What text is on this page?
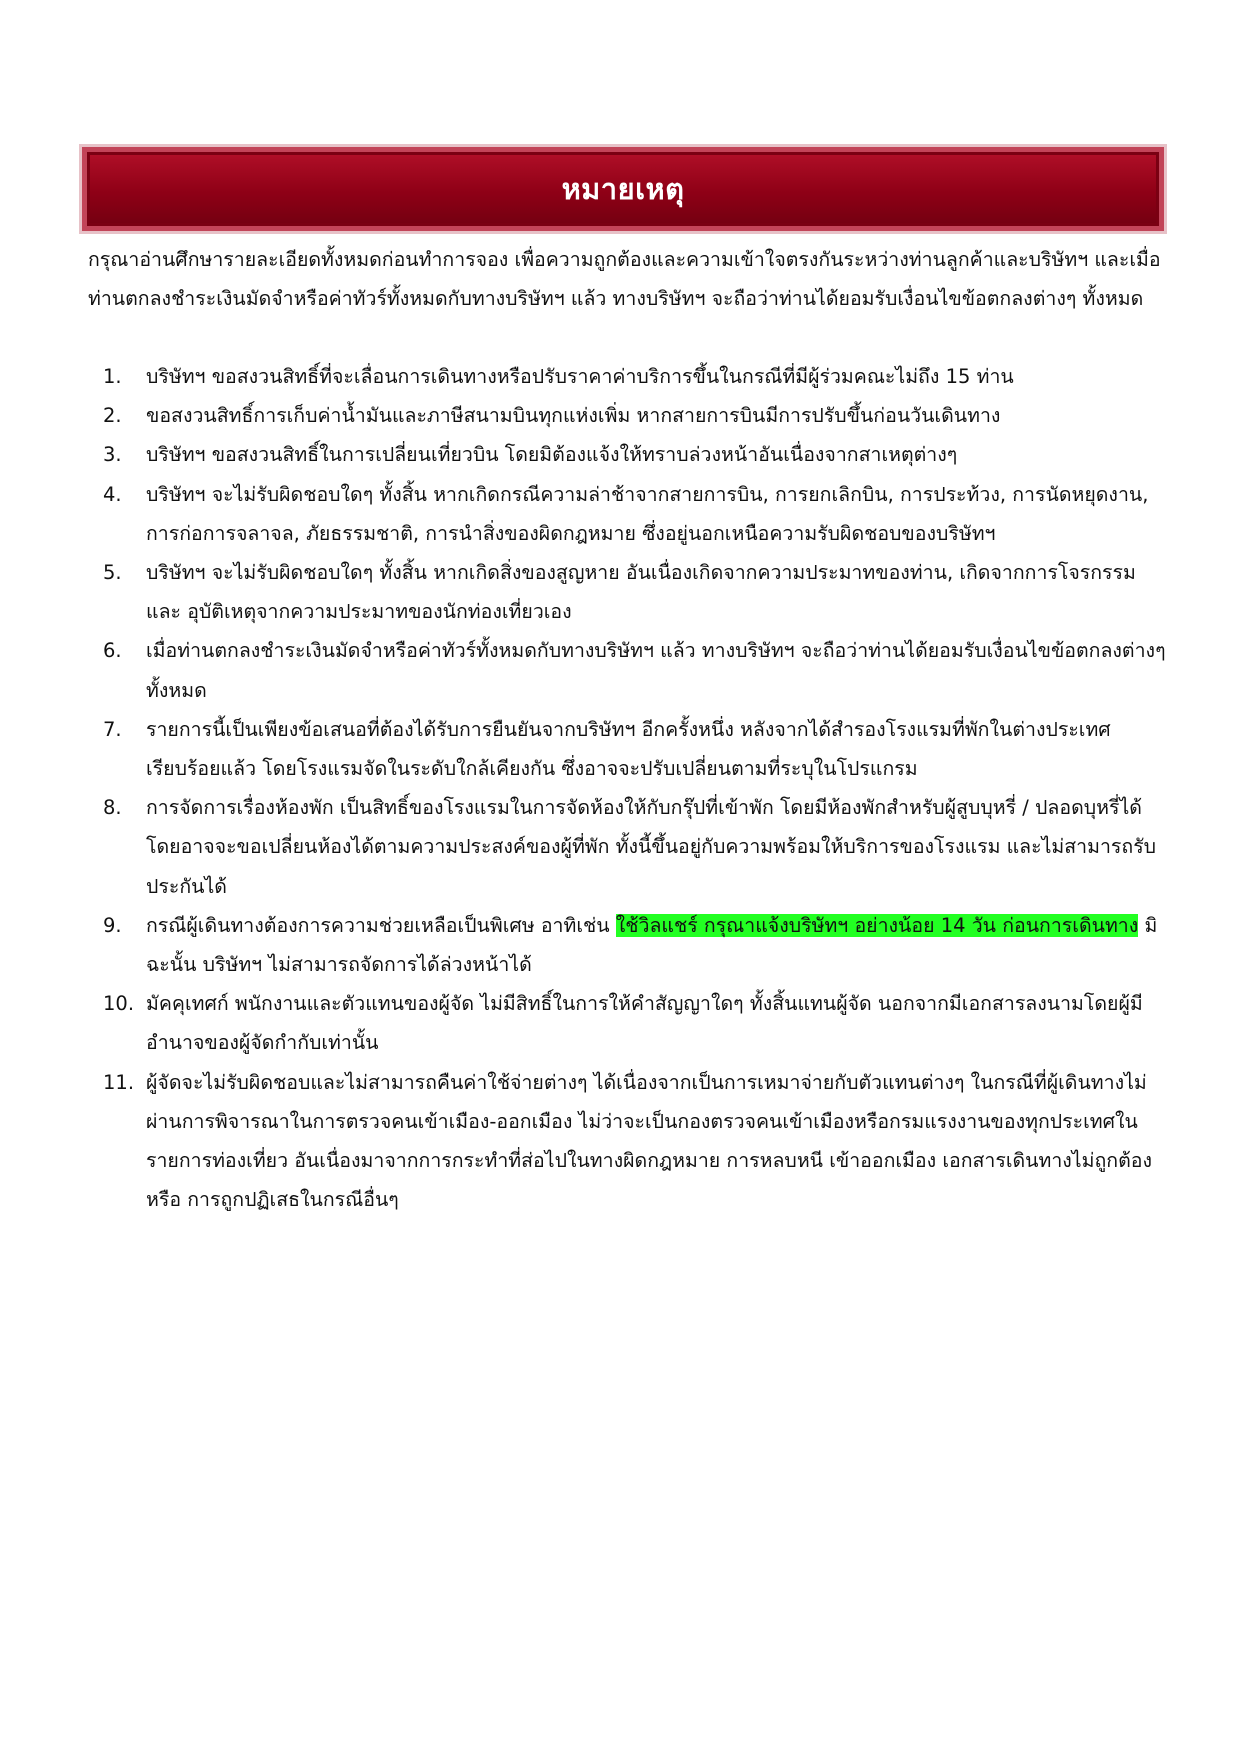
หมายเหตุ
กรุณาอ่านศึกษารายละเอียดทั้งหมดก่อนทำการจอง เพื่อความถูกต้องและความเข้าใจตรงกันระหว่างท่านลูกค้าและบริษัทฯ และเมื่อท่านตกลงชำระเงินมัดจำหรือค่าทัวร์ทั้งหมดกับทางบริษัทฯ แล้ว ทางบริษัทฯ จะถือว่าท่านได้ยอมรับเงื่อนไขข้อตกลงต่างๆ ทั้งหมด
1.	บริษัทฯ ขอสงวนสิทธิ์ที่จะเลื่อนการเดินทางหรือปรับราคาค่าบริการขึ้นในกรณีที่มีผู้ร่วมคณะไม่ถึง 15 ท่าน
2.	ขอสงวนสิทธิ์การเก็บค่าน้ำมันและภาษีสนามบินทุกแห่งเพิ่ม หากสายการบินมีการปรับขึ้นก่อนวันเดินทาง
3.	บริษัทฯ ขอสงวนสิทธิ์ในการเปลี่ยนเที่ยวบิน โดยมิต้องแจ้งให้ทราบล่วงหน้าอันเนื่องจากสาเหตุต่างๆ
4.	บริษัทฯ จะไม่รับผิดชอบใดๆ ทั้งสิ้น หากเกิดกรณีความล่าช้าจากสายการบิน, การยกเลิกบิน, การประท้วง, การนัดหยุดงาน, การก่อการจลาจล, ภัยธรรมชาติ, การนำสิ่งของผิดกฎหมาย ซึ่งอยู่นอกเหนือความรับผิดชอบของบริษัทฯ
5.	บริษัทฯ จะไม่รับผิดชอบใดๆ ทั้งสิ้น หากเกิดสิ่งของสูญหาย อันเนื่องเกิดจากความประมาทของท่าน, เกิดจากการโจรกรรม และ อุบัติเหตุจากความประมาทของนักท่องเที่ยวเอง
6.	เมื่อท่านตกลงชำระเงินมัดจำหรือค่าทัวร์ทั้งหมดกับทางบริษัทฯ แล้ว ทางบริษัทฯ จะถือว่าท่านได้ยอมรับเงื่อนไขข้อตกลงต่างๆ ทั้งหมด
7.	รายการนี้เป็นเพียงข้อเสนอที่ต้องได้รับการยืนยันจากบริษัทฯ อีกครั้งหนึ่ง หลังจากได้สำรองโรงแรมที่พักในต่างประเทศเรียบร้อยแล้ว โดยโรงแรมจัดในระดับใกล้เคียงกัน ซึ่งอาจจะปรับเปลี่ยนตามที่ระบุในโปรแกรม
8.	การจัดการเรื่องห้องพัก เป็นสิทธิ์ของโรงแรมในการจัดห้องให้กับกรุ๊ปที่เข้าพัก โดยมีห้องพักสำหรับผู้สูบบุหรี่ / ปลอดบุหรี่ได้ โดยอาจจะขอเปลี่ยนห้องได้ตามความประสงค์ของผู้ที่พัก ทั้งนี้ขึ้นอยู่กับความพร้อมให้บริการของโรงแรม และไม่สามารถรับประกันได้
9.	กรณีผู้เดินทางต้องการความช่วยเหลือเป็นพิเศษ อาทิเช่น ใช้วิลแชร์ กรุณาแจ้งบริษัทฯ อย่างน้อย 14 วัน ก่อนการเดินทาง มิฉะนั้น บริษัทฯ ไม่สามารถจัดการได้ล่วงหน้าได้
10. มัคคุเทศก์ พนักงานและตัวแทนของผู้จัด ไม่มีสิทธิ์ในการให้คำสัญญาใดๆ ทั้งสิ้นแทนผู้จัด นอกจากมีเอกสารลงนามโดยผู้มีอำนาจของผู้จัดกำกับเท่านั้น
11. ผู้จัดจะไม่รับผิดชอบและไม่สามารถคืนค่าใช้จ่ายต่างๆ ได้เนื่องจากเป็นการเหมาจ่ายกับตัวแทนต่างๆ ในกรณีที่ผู้เดินทางไม่ผ่านการพิจารณาในการตรวจคนเข้าเมือง-ออกเมือง ไม่ว่าจะเป็นกองตรวจคนเข้าเมืองหรือกรมแรงงานของทุกประเทศในรายการท่องเที่ยว อันเนื่องมาจากการกระทำที่ส่อไปในทางผิดกฎหมาย การหลบหนี เข้าออกเมือง เอกสารเดินทางไม่ถูกต้อง หรือ การถูกปฏิเสธในกรณีอื่นๆ
